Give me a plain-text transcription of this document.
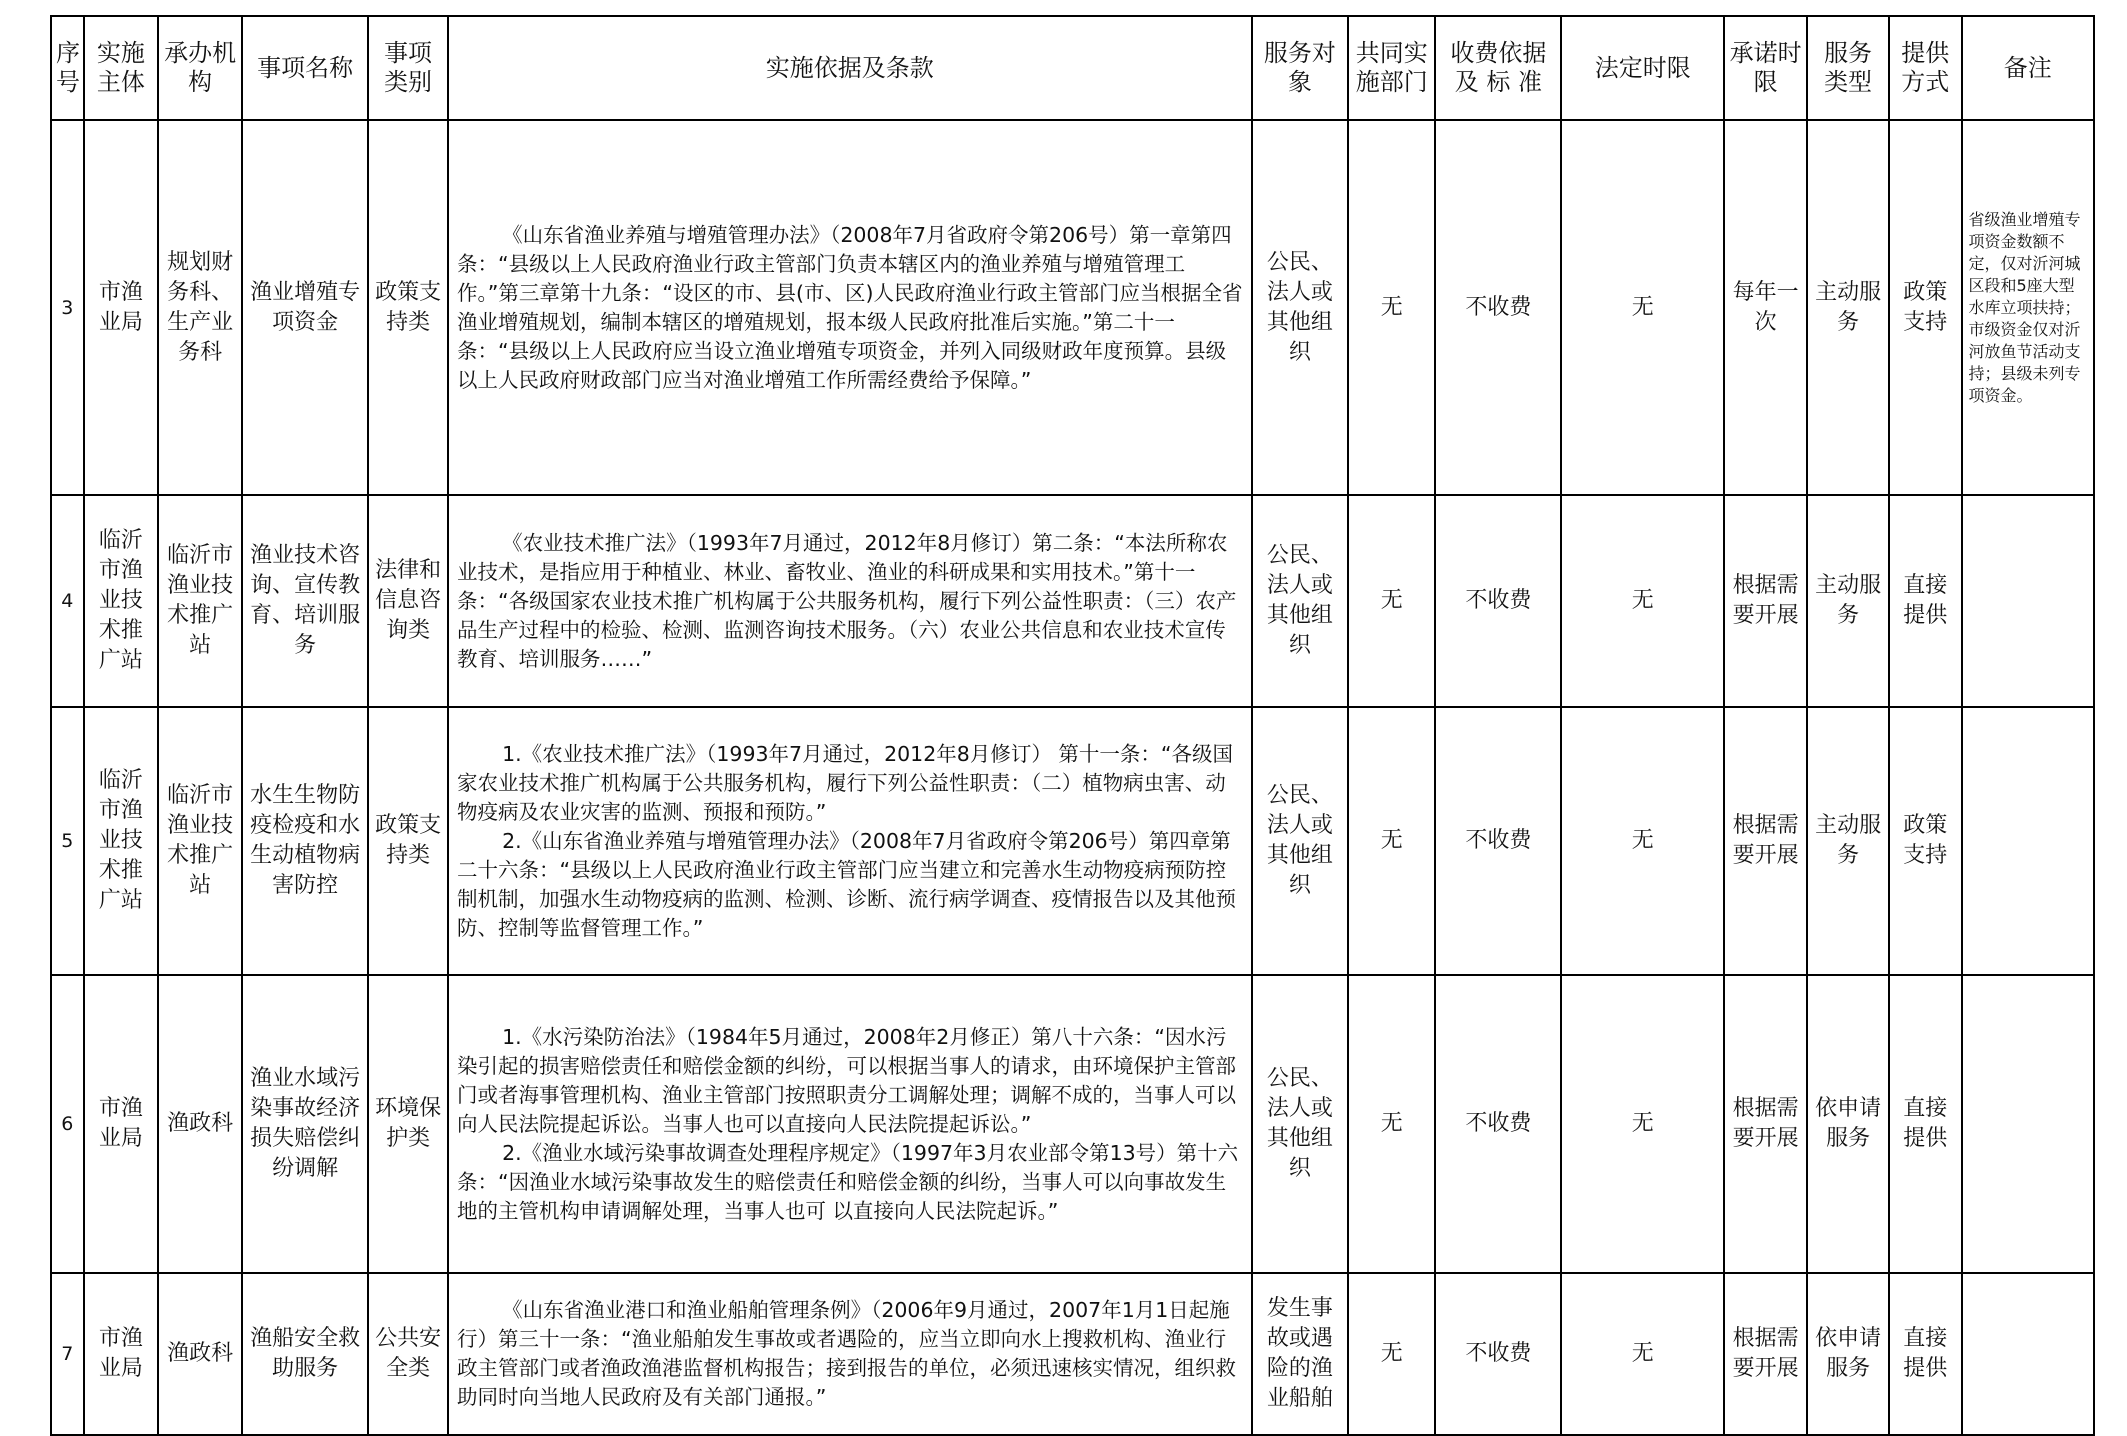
序号	实施主体	承办机构	事项名称	事项类别	实施依据及条款	服务对象	共同实施部门	收费依据及 标 准	法定时限	承诺时限	服务类型	提供方式	备注
3	市渔业局	规划财务科、生产业务科	渔业增殖专项资金	政策支持类	《山东省渔业养殖与增殖管理办法》（2008年7月省政府令第206号）第一章第四条：“县级以上人民政府渔业行政主管部门负责本辖区内的渔业养殖与增殖管理工作。”第三章第十九条：“设区的市、县(市、区)人民政府渔业行政主管部门应当根据全省渔业增殖规划，编制本辖区的增殖规划，报本级人民政府批准后实施。”第二十一条：“县级以上人民政府应当设立渔业增殖专项资金，并列入同级财政年度预算。县级以上人民政府财政部门应当对渔业增殖工作所需经费给予保障。”	公民、法人或其他组织	无	不收费	无	每年一次	主动服务	政策支持	省级渔业增殖专项资金数额不定，仅对沂河城区段和5座大型水库立项扶持；市级资金仅对沂河放鱼节活动支持；县级未列专项资金。
4	临沂市渔业技术推广站	临沂市渔业技术推广站	渔业技术咨询、宣传教育、培训服务	法律和信息咨询类	《农业技术推广法》（1993年7月通过，2012年8月修订）第二条：“本法所称农业技术，是指应用于种植业、林业、畜牧业、渔业的科研成果和实用技术。”第十一条：“各级国家农业技术推广机构属于公共服务机构，履行下列公益性职责：（三）农产品生产过程中的检验、检测、监测咨询技术服务。（六）农业公共信息和农业技术宣传教育、培训服务……”	公民、法人或其他组织	无	不收费	无	根据需要开展	主动服务	直接提供	
5	临沂市渔业技术推广站	临沂市渔业技术推广站	水生生物防疫检疫和水生动植物病害防控	政策支持类	1.《农业技术推广法》（1993年7月通过，2012年8月修订） 第十一条：“各级国家农业技术推广机构属于公共服务机构，履行下列公益性职责：（二）植物病虫害、动物疫病及农业灾害的监测、预报和预防。”

2.《山东省渔业养殖与增殖管理办法》（2008年7月省政府令第206号）第四章第二十六条：“县级以上人民政府渔业行政主管部门应当建立和完善水生动物疫病预防控制机制，加强水生动物疫病的监测、检测、诊断、流行病学调查、疫情报告以及其他预防、控制等监督管理工作。”	公民、法人或其他组织	无	不收费	无	根据需要开展	主动服务	政策支持	
6	市渔业局	渔政科	渔业水域污染事故经济损失赔偿纠纷调解	环境保护类	1.《水污染防治法》（1984年5月通过，2008年2月修正）第八十六条：“因水污染引起的损害赔偿责任和赔偿金额的纠纷，可以根据当事人的请求，由环境保护主管部门或者海事管理机构、渔业主管部门按照职责分工调解处理；调解不成的，当事人可以向人民法院提起诉讼。当事人也可以直接向人民法院提起诉讼。”

2.《渔业水域污染事故调查处理程序规定》（1997年3月农业部令第13号）第十六条：“因渔业水域污染事故发生的赔偿责任和赔偿金额的纠纷，当事人可以向事故发生地的主管机构申请调解处理，当事人也可 以直接向人民法院起诉。”	公民、法人或其他组织	无	不收费	无	根据需要开展	依申请服务	直接提供	
7	市渔业局	渔政科	渔船安全救助服务	公共安全类	《山东省渔业港口和渔业船舶管理条例》（2006年9月通过，2007年1月1日起施行）第三十一条：“渔业船舶发生事故或者遇险的，应当立即向水上搜救机构、渔业行政主管部门或者渔政渔港监督机构报告；接到报告的单位，必须迅速核实情况，组织救助同时向当地人民政府及有关部门通报。”	发生事故或遇险的渔业船舶	无	不收费	无	根据需要开展	依申请服务	直接提供	
